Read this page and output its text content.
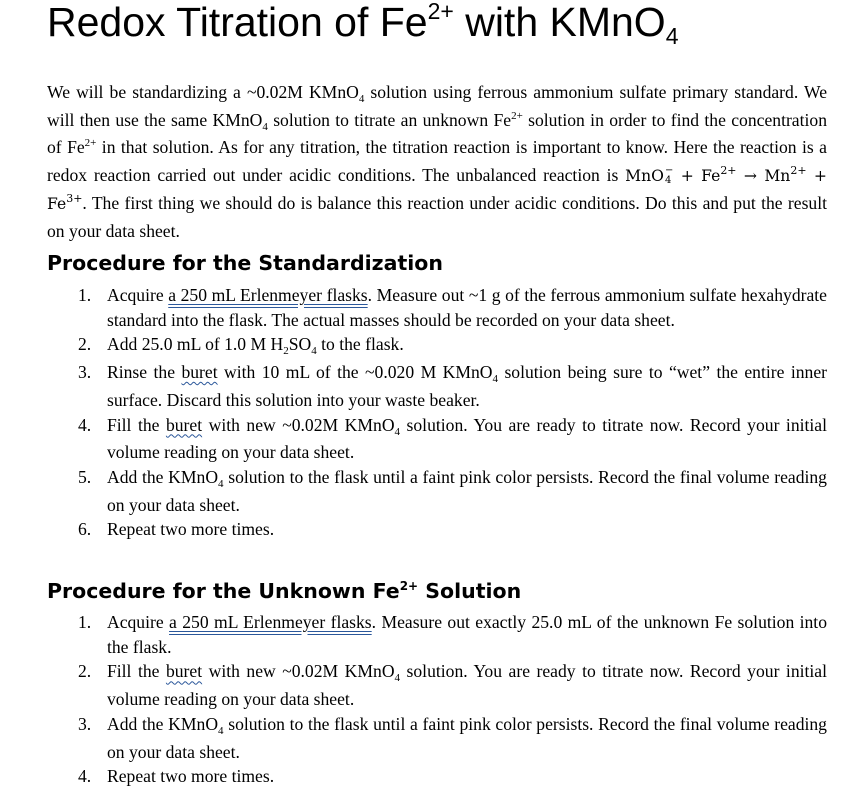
Redox Titration of $Fe^{2+}$ with KMnO$_4$

We will be standardizing a ~0.02M KMnO$_4$ solution using ferrous ammonium sulfate primary standard. We will then use the same KMnO$_4$ solution to titrate an unknown $Fe^{2+}$ solution in order to find the concentration of $Fe^{2+}$ in that solution. As for any titration, the titration reaction is important to know. Here the reaction is a redox reaction carried out under acidic conditions. The unbalanced reaction is MnO −
$4 + Fe^{2+} \to Mn^{2+} + Fe^{3+}$. The first thing we should do is balance this reaction under acidic conditions. Do this and put the result on your data sheet.

Procedure for the Standardization
1. Acquire a 250 mL Erlenmeyer flasks. Measure out ~1 g of the ferrous ammonium sulfate hexahydrate standard into the flask. The actual masses should be recorded on your data sheet.
2. Add 25.0 mL of 1.0 M $H_2SO_4$ to the flask.
3. Rinse the buret with 10 mL of the ~0.020 M KMnO$_4$ solution being sure to “wet” the entire inner surface. Discard this solution into your waste beaker.
4. Fill the buret with new ~0.02M KMnO$_4$ solution. You are ready to titrate now. Record your initial volume reading on your data sheet.
5. Add the KMnO$_4$ solution to the flask until a faint pink color persists. Record the final volume reading on your data sheet.
6. Repeat two more times.
Procedure for the Unknown $Fe^{2+}$ Solution
1. Acquire a 250 mL Erlenmeyer flasks. Measure out exactly 25.0 mL of the unknown Fe solution into the flask.
2. Fill the buret with new ~0.02M KMnO$_4$ solution. You are ready to titrate now. Record your initial volume reading on your data sheet.
3. Add the KMnO$_4$ solution to the flask until a faint pink color persists. Record the final volume reading on your data sheet.
4. Repeat two more times.
